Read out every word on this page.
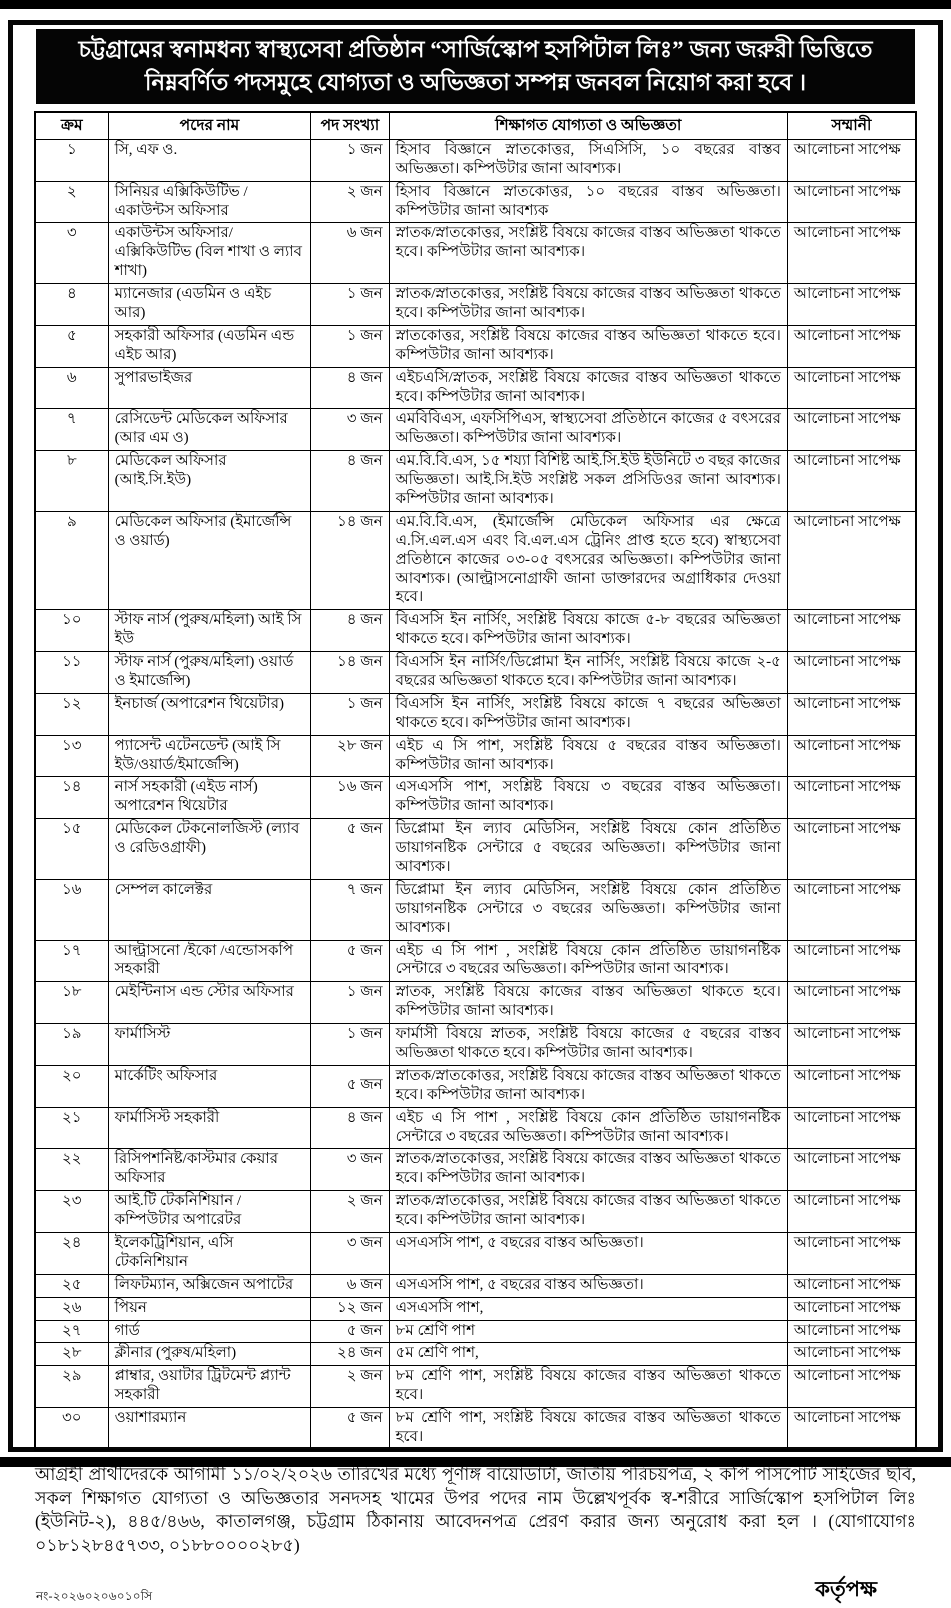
চট্টগ্রামের স্বনামধন্য স্বাস্থ্যসেবা প্রতিষ্ঠান “সার্জিস্কোপ হসপিটাল লিঃ” জন্য জরুরী ভিত্তিতে নিম্নবর্ণিত পদসমুহে যোগ্যতা ও অভিজ্ঞতা সম্পন্ন জনবল নিয়োগ করা হবে ।
ক্রম	পদের নাম	পদ সংখ্যা	শিক্ষাগত যোগ্যতা ও অভিজ্ঞতা	সম্মানী
১	সি, এফ ও.	১ জন	হিসাব বিজ্ঞানে স্নাতকোত্তর, সিএসিসি, ১০ বছরের বাস্তব অভিজ্ঞতা। কম্পিউটার জানা আবশ্যক।	আলোচনা সাপেক্ষ
২	সিনিয়র এক্সিকিউটিভ / একাউন্টস অফিসার	২ জন	হিসাব বিজ্ঞানে স্নাতকোত্তর, ১০ বছরের বাস্তব অভিজ্ঞতা। কম্পিউটার জানা আবশ্যক	আলোচনা সাপেক্ষ
৩	একাউন্টস অফিসার/ এক্সিকিউটিভ (বিল শাখা ও ল্যাব শাখা)	৬ জন	স্নাতক/স্নাতকোত্তর, সংশ্লিষ্ট বিষয়ে কাজের বাস্তব অভিজ্ঞতা থাকতে হবে। কম্পিউটার জানা আবশ্যক।	আলোচনা সাপেক্ষ
৪	ম্যানেজার (এডমিন ও এইচ আর)	১ জন	স্নাতক/স্নাতকোত্তর, সংশ্লিষ্ট বিষয়ে কাজের বাস্তব অভিজ্ঞতা থাকতে হবে। কম্পিউটার জানা আবশ্যক।	আলোচনা সাপেক্ষ
৫	সহকারী অফিসার (এডমিন এন্ড এইচ আর)	১ জন	স্নাতকোত্তর, সংশ্লিষ্ট বিষয়ে কাজের বাস্তব অভিজ্ঞতা থাকতে হবে। কম্পিউটার জানা আবশ্যক।	আলোচনা সাপেক্ষ
৬	সুপারভাইজর	৪ জন	এইচএসি/স্নাতক, সংশ্লিষ্ট বিষয়ে কাজের বাস্তব অভিজ্ঞতা থাকতে হবে। কম্পিউটার জানা আবশ্যক।	আলোচনা সাপেক্ষ
৭	রেসিডেন্ট মেডিকেল অফিসার (আর এম ও)	৩ জন	এমবিবিএস, এফসিপিএস, স্বাস্থ্যসেবা প্রতিষ্ঠানে কাজের ৫ বৎসরের অভিজ্ঞতা। কম্পিউটার জানা আবশ্যক।	আলোচনা সাপেক্ষ
৮	মেডিকেল অফিসার (আই.সি.ইউ)	৪ জন	এম.বি.বি.এস, ১৫ শয্যা বিশিষ্ট আই.সি.ইউ ইউনিটে ৩ বছর কাজের অভিজ্ঞতা। আই.সি.ইউ সংশ্লিষ্ট সকল প্রসিডিওর জানা আবশ্যক। কম্পিউটার জানা আবশ্যক।	আলোচনা সাপেক্ষ
৯	মেডিকেল অফিসার (ইমার্জেন্সি ও ওয়ার্ড)	১৪ জন	এম.বি.বি.এস, (ইমার্জেন্সি মেডিকেল অফিসার এর ক্ষেত্রে এ.সি.এল.এস এবং বি.এল.এস ট্রেনিং প্রাপ্ত হতে হবে) স্বাস্থ্যসেবা প্রতিষ্ঠানে কাজের ০৩-০৫ বৎসরের অভিজ্ঞতা। কম্পিউটার জানা আবশ্যক। (আল্ট্রাসনোগ্রাফী জানা ডাক্তারদের অগ্রাধিকার দেওয়া হবে।	আলোচনা সাপেক্ষ
১০	স্টাফ নার্স (পুরুষ/মহিলা) আই সি ইউ	৪ জন	বিএসসি ইন নার্সিং, সংশ্লিষ্ট বিষয়ে কাজে ৫-৮ বছরের অভিজ্ঞতা থাকতে হবে। কম্পিউটার জানা আবশ্যক।	আলোচনা সাপেক্ষ
১১	স্টাফ নার্স (পুরুষ/মহিলা) ওয়ার্ড ও ইমার্জেন্সি)	১৪ জন	বিএসসি ইন নার্সিং/ডিপ্লোমা ইন নার্সিং, সংশ্লিষ্ট বিষয়ে কাজে ২-৫ বছরের অভিজ্ঞতা থাকতে হবে। কম্পিউটার জানা আবশ্যক।	আলোচনা সাপেক্ষ
১২	ইনচার্জ (অপারেশন থিয়েটার)	১ জন	বিএসসি ইন নার্সিং, সংশ্লিষ্ট বিষয়ে কাজে ৭ বছরের অভিজ্ঞতা থাকতে হবে। কম্পিউটার জানা আবশ্যক।	আলোচনা সাপেক্ষ
১৩	প্যাসেন্ট এটেনডেন্ট (আই সি ইউ/ওয়ার্ড/ইমার্জেন্সি)	২৮ জন	এইচ এ সি পাশ, সংশ্লিষ্ট বিষয়ে ৫ বছরের বাস্তব অভিজ্ঞতা। কম্পিউটার জানা আবশ্যক।	আলোচনা সাপেক্ষ
১৪	নার্স সহকারী (এইড নার্স) অপারেশন থিয়েটার	১৬ জন	এসএসসি পাশ, সংশ্লিষ্ট বিষয়ে ৩ বছরের বাস্তব অভিজ্ঞতা। কম্পিউটার জানা আবশ্যক।	আলোচনা সাপেক্ষ
১৫	মেডিকেল টেকনোলজিস্ট (ল্যাব ও রেডিওগ্রাফী)	৫ জন	ডিপ্লোমা ইন ল্যাব মেডিসিন, সংশ্লিষ্ট বিষয়ে কোন প্রতিষ্ঠিত ডায়াগনষ্টিক সেন্টারে ৫ বছরের অভিজ্ঞতা। কম্পিউটার জানা আবশ্যক।	আলোচনা সাপেক্ষ
১৬	সেম্পল কালেক্টর	৭ জন	ডিপ্লোমা ইন ল্যাব মেডিসিন, সংশ্লিষ্ট বিষয়ে কোন প্রতিষ্ঠিত ডায়াগনষ্টিক সেন্টারে ৩ বছরের অভিজ্ঞতা। কম্পিউটার জানা আবশ্যক।	আলোচনা সাপেক্ষ
১৭	আল্ট্রাসনো /ইকো /এন্ডোসকপি সহকারী	৫ জন	এইচ এ সি পাশ , সংশ্লিষ্ট বিষয়ে কোন প্রতিষ্ঠিত ডায়াগনষ্টিক সেন্টারে ৩ বছরের অভিজ্ঞতা। কম্পিউটার জানা আবশ্যক।	আলোচনা সাপেক্ষ
১৮	মেইন্টিনাস এন্ড স্টোর অফিসার	১ জন	স্নাতক, সংশ্লিষ্ট বিষয়ে কাজের বাস্তব অভিজ্ঞতা থাকতে হবে। কম্পিউটার জানা আবশ্যক।	আলোচনা সাপেক্ষ
১৯	ফার্মাসিস্ট	১ জন	ফার্মাসী বিষয়ে স্নাতক, সংশ্লিষ্ট বিষয়ে কাজের ৫ বছরের বাস্তব অভিজ্ঞতা থাকতে হবে। কম্পিউটার জানা আবশ্যক।	আলোচনা সাপেক্ষ
২০	মার্কেটিং অফিসার	৫ জন	স্নাতক/স্নাতকোত্তর, সংশ্লিষ্ট বিষয়ে কাজের বাস্তব অভিজ্ঞতা থাকতে হবে। কম্পিউটার জানা আবশ্যক।	আলোচনা সাপেক্ষ
২১	ফার্মাসিস্ট সহকারী	৪ জন	এইচ এ সি পাশ , সংশ্লিষ্ট বিষয়ে কোন প্রতিষ্ঠিত ডায়াগনষ্টিক সেন্টারে ৩ বছরের অভিজ্ঞতা। কম্পিউটার জানা আবশ্যক।	আলোচনা সাপেক্ষ
২২	রিসিপশনিষ্ট/কাস্টমার কেয়ার অফিসার	৩ জন	স্নাতক/স্নাতকোত্তর, সংশ্লিষ্ট বিষয়ে কাজের বাস্তব অভিজ্ঞতা থাকতে হবে। কম্পিউটার জানা আবশ্যক।	আলোচনা সাপেক্ষ
২৩	আই.টি টেকনিশিয়ান / কম্পিউটার অপারেটর	২ জন	স্নাতক/স্নাতকোত্তর, সংশ্লিষ্ট বিষয়ে কাজের বাস্তব অভিজ্ঞতা থাকতে হবে। কম্পিউটার জানা আবশ্যক।	আলোচনা সাপেক্ষ
২৪	ইলেকট্রিশিয়ান, এসি টেকনিশিয়ান	৩ জন	এসএসসি পাশ, ৫ বছরের বাস্তব অভিজ্ঞতা।	আলোচনা সাপেক্ষ
২৫	লিফটম্যান, অক্সিজেন অপাটের	৬ জন	এসএসসি পাশ, ৫ বছরের বাস্তব অভিজ্ঞতা।	আলোচনা সাপেক্ষ
২৬	পিয়ন	১২ জন	এসএসসি পাশ,	আলোচনা সাপেক্ষ
২৭	গার্ড	৫ জন	৮ম শ্রেণি পাশ	আলোচনা সাপেক্ষ
২৮	ক্লীনার (পুরুষ/মহিলা)	২৪ জন	৫ম শ্রেণি পাশ,	আলোচনা সাপেক্ষ
২৯	প্লাম্বার, ওয়াটার ট্রিটমেন্ট প্ল্যান্ট সহকারী	২ জন	৮ম শ্রেণি পাশ, সংশ্লিষ্ট বিষয়ে কাজের বাস্তব অভিজ্ঞতা থাকতে হবে।	আলোচনা সাপেক্ষ
৩০	ওয়াশারম্যান	৫ জন	৮ম শ্রেণি পাশ, সংশ্লিষ্ট বিষয়ে কাজের বাস্তব অভিজ্ঞতা থাকতে হবে।	আলোচনা সাপেক্ষ

আগ্রহী প্রার্থীদেরকে আগামী ১১/০২/২০২৬ তারিখের মধ্যে পূর্ণাঙ্গ বায়োডাটা, জাতীয় পরিচয়পত্র, ২ কপি পাসপোর্ট সাইজের ছবি, সকল শিক্ষাগত যোগ্যতা ও অভিজ্ঞতার সনদসহ খামের উপর পদের নাম উল্লেখপূর্বক স্ব-শরীরে সার্জিস্কোপ হসপিটাল লিঃ (ইউনিট-২), ৪৪৫/৪৬৬, কাতালগঞ্জ, চট্টগ্রাম ঠিকানায় আবেদনপত্র প্রেরণ করার জন্য অনুরোধ করা হল । (যোগাযোগঃ ০১৮১২৮৪৫৭৩৩, ০১৮৮০০০০২৮৫)

নং-২০২৬০২০৬০১০সি	কর্তৃপক্ষ
